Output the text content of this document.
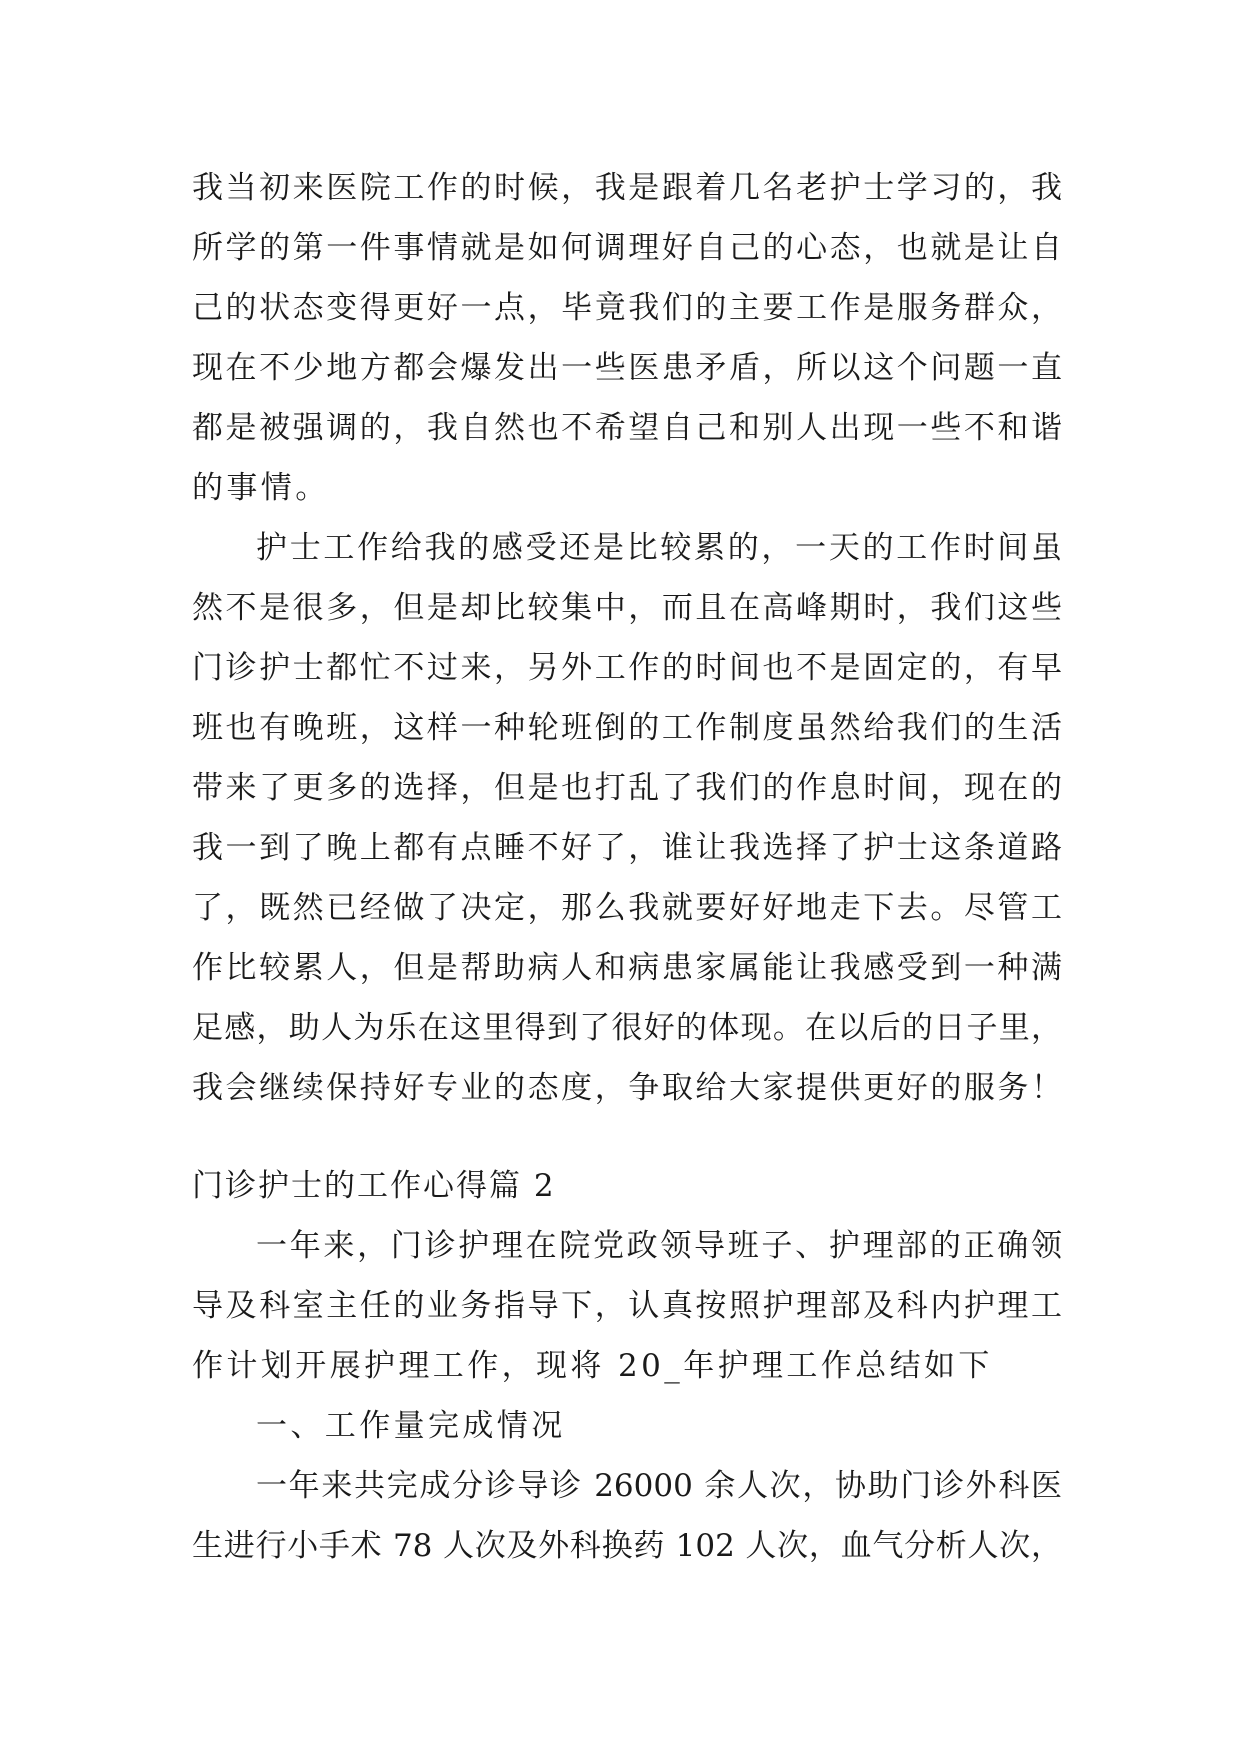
我当初来医院工作的时候，我是跟着几名老护士学习的，我
所学的第一件事情就是如何调理好自己的心态，也就是让自
己的状态变得更好一点，毕竟我们的主要工作是服务群众，
现在不少地方都会爆发出一些医患矛盾，所以这个问题一直
都是被强调的，我自然也不希望自己和别人出现一些不和谐
的事情。
护士工作给我的感受还是比较累的，一天的工作时间虽
然不是很多，但是却比较集中，而且在高峰期时，我们这些
门诊护士都忙不过来，另外工作的时间也不是固定的，有早
班也有晚班，这样一种轮班倒的工作制度虽然给我们的生活
带来了更多的选择，但是也打乱了我们的作息时间，现在的
我一到了晚上都有点睡不好了，谁让我选择了护士这条道路
了，既然已经做了决定，那么我就要好好地走下去。尽管工
作比较累人，但是帮助病人和病患家属能让我感受到一种满
足感，助人为乐在这里得到了很好的体现。在以后的日子里，
我会继续保持好专业的态度，争取给大家提供更好的服务！
门诊护士的工作心得篇 2
一年来，门诊护理在院党政领导班子、护理部的正确领
导及科室主任的业务指导下，认真按照护理部及科内护理工
作计划开展护理工作，现将 20_年护理工作总结如下
一、工作量完成情况
一年来共完成分诊导诊 26000 余人次，协助门诊外科医
生进行小手术 78 人次及外科换药 102 人次，血气分析人次，
